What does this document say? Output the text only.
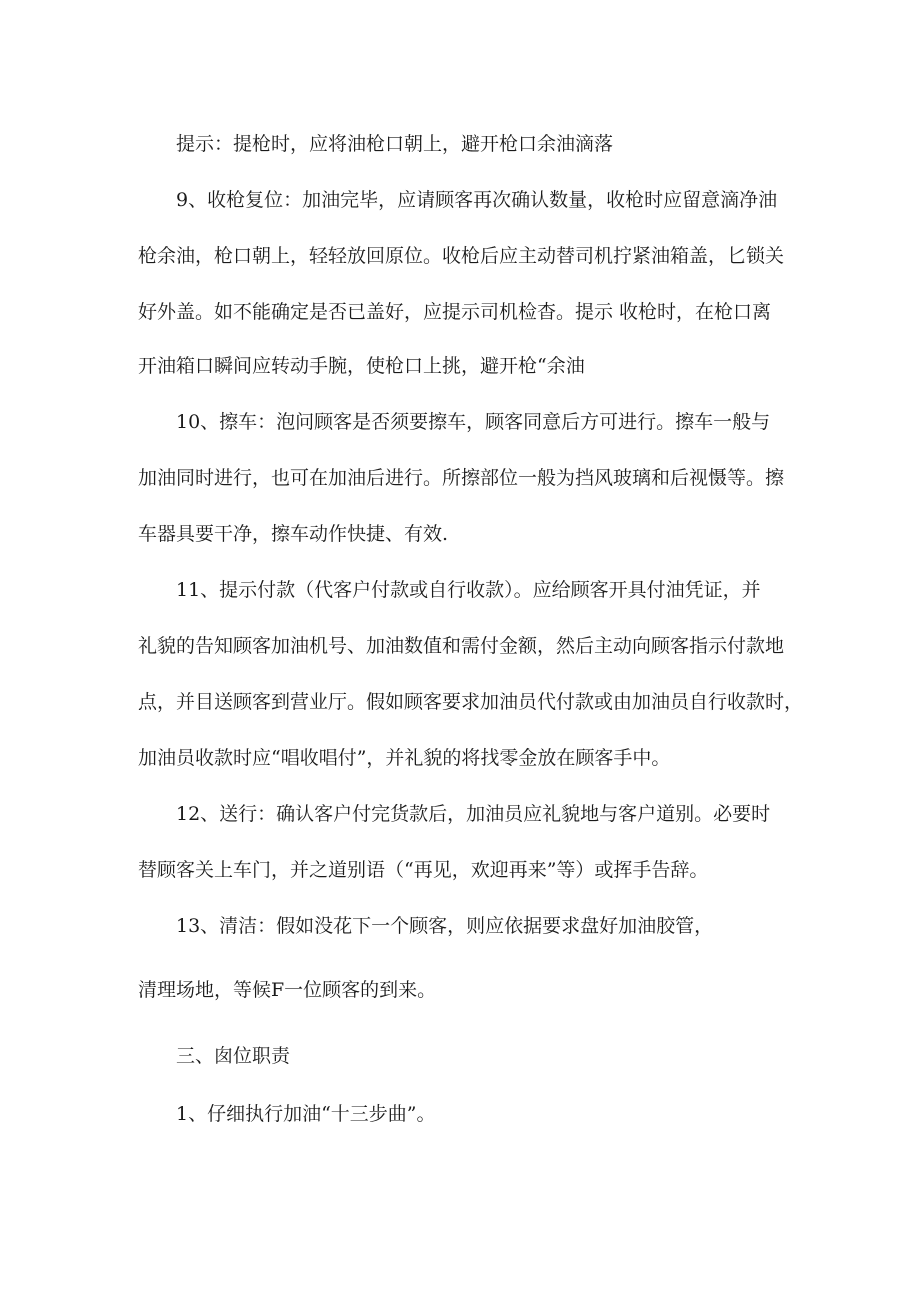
提示：提枪时，应将油枪口朝上，避开枪口余油滴落
9、收枪复位：加油完毕，应请顾客再次确认数量，收枪时应留意滴净油
枪余油，枪口朝上，轻轻放回原位。收枪后应主动替司机拧紧油箱盖，匕锁关
好外盖。如不能确定是否已盖好，应提示司机检杳。提示 收枪时，在枪口离
开油箱口瞬间应转动手腕，使枪口上挑，避开枪“余油
10、擦车：泡问顾客是否须要擦车，顾客同意后方可进行。擦车一般与
加油同时进行，也可在加油后进行。所擦部位一般为挡风玻璃和后视慑等。擦
车器具要干净，擦车动作快捷、有效.
11、提示付款（代客户付款或自行收款）。应给顾客开具付油凭证，并
礼貌的告知顾客加油机号、加油数值和需付金额，然后主动向顾客指示付款地
点，并目送顾客到营业厅。假如顾客要求加油员代付款或由加油员自行收款时，
加油员收款时应“唱收唱付”，并礼貌的将找零金放在顾客手中。
12、送行：确认客户付完货款后，加油员应礼貌地与客户道别。必要时
替顾客关上车门，并之道别语（“再见，欢迎再来”等）或挥手告辞。
13、清洁：假如没花下一个顾客，则应依据要求盘好加油胶管，
清理场地，等候F一位顾客的到来。
三、囱位职责
1、仔细执行加油“十三步曲”。
